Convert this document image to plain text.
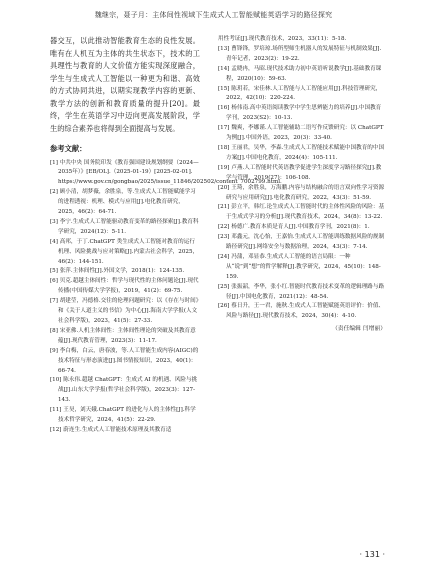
魏继宗，聂子月：主体间性视域下生成式人工智能赋能英语学习的路径探究

器交互，以此推动智能教育生态的良性发展。唯有在人机互为主体的共生状态下，技术的工具理性与教育的人文价值方能实现深度融合，学生与生成式人工智能以一种更为和谐、高效的方式协同共进，以期实现教学内容的更新、教学方法的创新和教育质量的提升[20]。最终，学生在英语学习中迈向更高发展阶段，学生的综合素养也将得到全面提高与发展。

参考文献：

[1] 中共中央 国务院印发《教育强国建设规划纲要（2024—2035年）》[EB/OL].（2025-01-19）[2025-02-01]. https://www.gov.cn/gongbao/2025/issue_11846/202502/content_7002799.html.

[2] 顾小清，胡梦薇，余胜泉，等.生成式人工智能赋能学习的进程透视：机理、模式与应用[J].电化教育研究，2025，46(2)：64-71.

[3] 李宁.生成式人工智能驱动教育变革的路径探索[J].教育科学研究，2024(12)：5-11.

[4] 高邦，于丁.ChatGPT 类生成式人工智能对教育的运行机理、风险挑战与应对策略[J].内蒙古社会科学，2025，46(2)：144-151.

[5] 张萍.主体间性[J].外国文学，2018(1)：124-135.

[6] 贝克.超越主体间性：哲学与现代性的主体问题论[J].现代传播(中国传媒大学学报)，2019，41(2)：69-75.

[7] 胡建莹，冯德格.交往的伦理问题研究：以《存在与时间》和《关于人道主义的书信》为中心[J].海南大学学报(人文社会科学版)，2023，41(5)：27-33.

[8] 宋亚佛.人机主体间性：主体间性理论的突破及其教育意蕴[J].现代教育管理，2023(3)：11-17.

[9] 李白梅，白云，唐春波，等.人工智能生成内容(AIGC)的技术特征与形态演进[J].图书情报知识，2023，40(1)：66-74.

[10] 陈永伟.超越 ChatGPT：生成式 AI 的机遇、风险与挑战[J].山东大学学报(哲学社会科学版)，2023(3)：127-143.

[11] 王昊，刘天娥.ChatGPT 的进化与人的主体性[J].科学技术哲学研究，2024，41(5)：22-29.

[12] 蔚连生.生成式人工智能技术原理及其教育适

用性考证[J].现代教育技术，2023，33(11)：5-18.

[13] 曹锋锋，罗培琼.场所型师生机器人的发展特征与机制效果[J].青年记者，2023(2)：19-22.

[14] 孟晓冉，马昭.现代技术助力初中英语听说教学[J].基础教育课程，2020(10)：59-63.

[15] 陈玥若，宋佳林.人工智能与人工智能应用[J].科技管理研究，2022，42(10)：220-224.

[16] 杨伟南.高中英语阅读教学中学生思辨能力的培养[J].中国教育学刊，2023(S2)：10-13.

[17] 魏爽，李娜谨.人工智能辅助二语写作反馈研究：以 ChatGPT 为例[J].中国外语，2023，20(3)：33-40.

[18] 王丽君，吴华，李森.生成式人工智能技术赋能中国教育的中国方案[J].中国电化教育，2024(4)：105-111.

[19] 卢燕.人工智能时代英语教学促进学生深度学习路径探究[J].教学与管理，2019(27)：106-108.

[20] 王琦，余胜泉，万海鹏.内容与结构融合的语言双向性学习资源研究与应用研究[J].电化教育研究，2022，43(3)：51-59.

[21] 彭立平，韩红.论生成式人工智能时代的主体性风险的风险：基于生成式学习的分析[J].现代教育技术，2024，34(8)：13-22.

[22] 杨德广.教育本质是育人[J].中国教育学刊，2021(8)：1.

[23] 邓鑫元，沈心怡，王嘉怡.生成式人工智能训练数据风险的规制路径研究[J].网络安全与数据治理，2024，43(3)：7-14.

[24] 冯蒲，邓显恭.生成式人工智能的语言局限：一种从“说”到“想”的哲学解释[J].教学研究，2024，45(10)：148-159.

[25] 张振韶，李华，张小红.智能时代教育技术变革的逻辑理路与路径[J].中国电化教育，2021(12)：48-54.

[26] 蔡日升，王一君，施秋.生成式人工智能赋能英语评价：价值、风险与路径[J].现代教育技术，2024，30(4)：4-10.

（责任编辑 闫增丽）
· 131 ·
